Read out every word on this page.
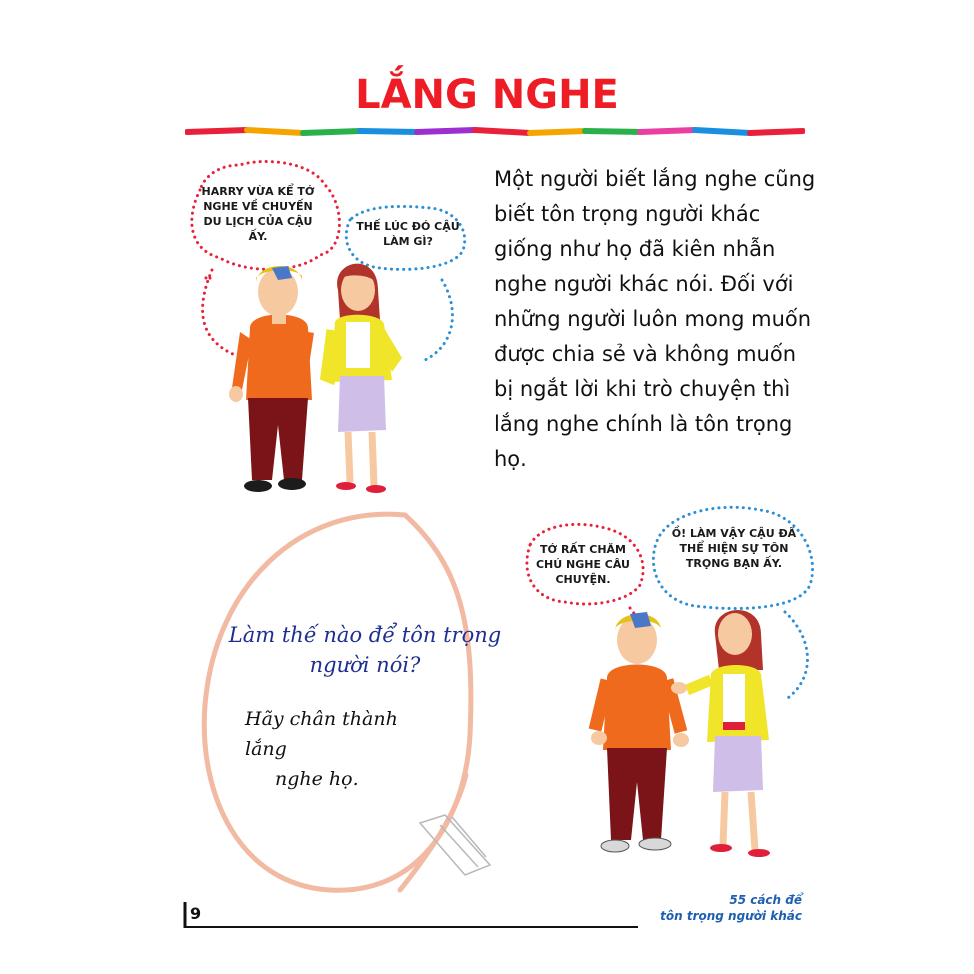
LẮNG NGHE
Một người biết lắng nghe cũng biết tôn trọng người khác giống như họ đã kiên nhẫn nghe người khác nói. Đối với những người luôn mong muốn được chia sẻ và không muốn bị ngắt lời khi trò chuyện thì lắng nghe chính là tôn trọng họ.
HARRY VỪA KỂ TỚ NGHE VỀ CHUYẾN DU LỊCH CỦA CẬU ẤY.
THẾ LÚC ĐÓ CẬU LÀM GÌ?
Làm thế nào để tôn trọng người nói?
Hãy chân thành lắng
nghe họ.
TỚ RẤT CHĂM CHÚ NGHE CÂU CHUYỆN.
Ồ! LÀM VẬY CẬU ĐÃ THỂ HIỆN SỰ TÔN TRỌNG BẠN ẤY.
9
55 cách để
tôn trọng người khác
